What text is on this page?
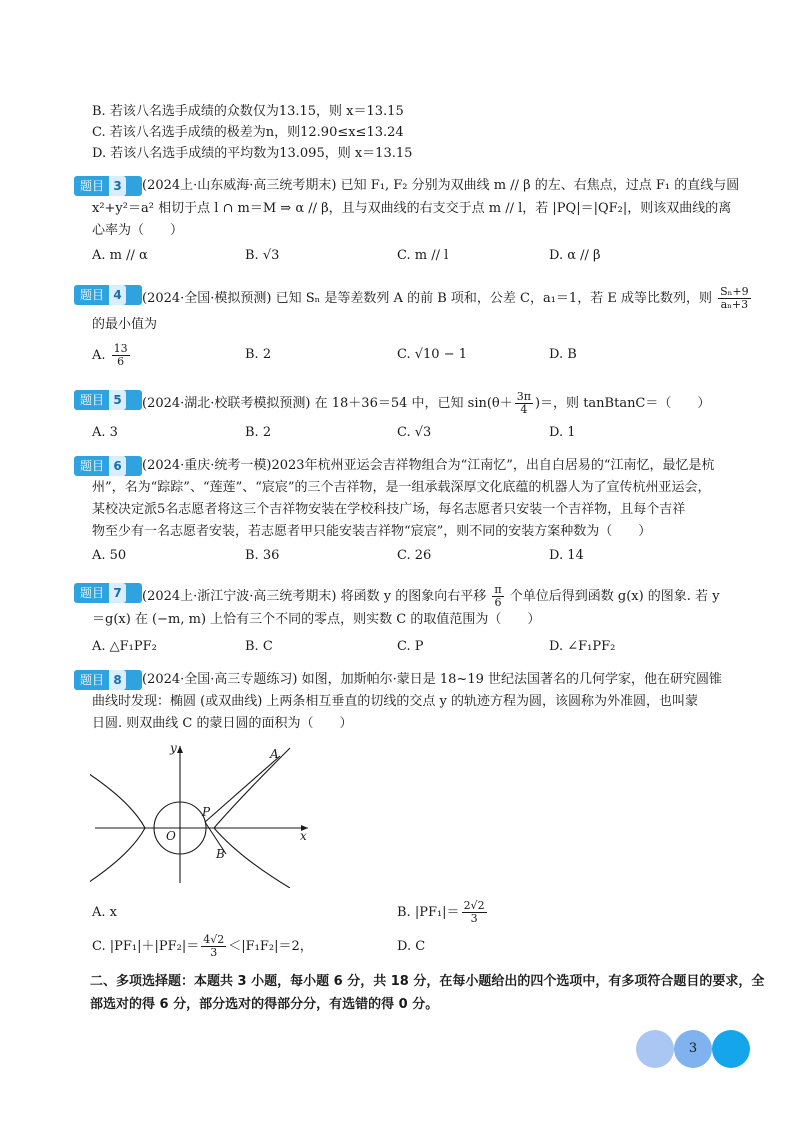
B. 若该八名选手成绩的众数仅为13.15，则 x＝13.15
C. 若该八名选手成绩的极差为n，则12.90≤x≤13.24
D. 若该八名选手成绩的平均数为13.095，则 x＝13.15
题目 3	(2024上·山东威海·高三统考期末) 已知 F₁, F₂ 分别为双曲线 m // β 的左、右焦点，过点 F₁ 的直线与圆
x²+y²＝a² 相切于点 l ∩ m＝M ⇒ α // β，且与双曲线的右支交于点 m // l，若 |PQ|＝|QF₂|，则该双曲线的离
心率为（　　）
A. m // α	B. √3	C. m // l	D. α // β
题目 4	(2024·全国·模拟预测) 已知 Sₙ 是等差数列 A 的前 B 项和，公差 C，a₁＝1，若 E 成等比数列，则 $\frac{\text{Sₙ+9}}{\text{aₙ+3}}$
的最小值为
A. $\frac{13}{6}$	B. 2	C. √10 − 1	D. B
题目 5	(2024·湖北·校联考模拟预测) 在 18＋36＝54 中，已知 $\sin(\theta+ \frac{3\pi}{4}$ )＝，则 tanBtanC＝（　　）
A. 3	B. 2	C. √3	D. 1
题目 6	(2024·重庆·统考一模)2023年杭州亚运会吉祥物组合为“江南忆”，出自白居易的“江南忆，最忆是杭
州”，名为“踪踪”、“莲莲”、“宸宸”的三个吉祥物，是一组承载深厚文化底蕴的机器人为了宣传杭州亚运会，
某校决定派5名志愿者将这三个吉祥物安装在学校科技广场，每名志愿者只安装一个吉祥物，且每个吉祥
物至少有一名志愿者安装，若志愿者甲只能安装吉祥物“宸宸”，则不同的安装方案种数为（　　）
A. 50	B. 36	C. 26	D. 14
题目 7	(2024上·浙江宁波·高三统考期末) 将函数 y 的图象向右平移 $\frac{\pi}{6}$ 个单位后得到函数 g(x) 的图象. 若 y
＝g(x) 在 (−m, m) 上恰有三个不同的零点，则实数 C 的取值范围为（　　）
A. △F₁PF₂	B. C	C. P	D. ∠F₁PF₂
题目 8	(2024·全国·高三专题练习) 如图，加斯帕尔·蒙日是 18~19 世纪法国著名的几何学家，他在研究圆锥
曲线时发现：椭圆 (或双曲线) 上两条相互垂直的切线的交点 y 的轨迹方程为圆，该圆称为外准圆，也叫蒙
日圆. 则双曲线 C 的蒙日圆的面积为（　　）
y
x
O
A
P
B
A. x	B. $|PF_1|= \frac{2√2}{3}$
C. $|PF_1|+|PF_2|= \frac{4√2}{3} <|F_1F_2|=2$，	D. C
二、多项选择题：本题共 3 小题，每小题 6 分，共 18 分，在每小题给出的四个选项中，有多项符合题目的要求，全
部选对的得 6 分，部分选对的得部分分，有选错的得 0 分。
3
